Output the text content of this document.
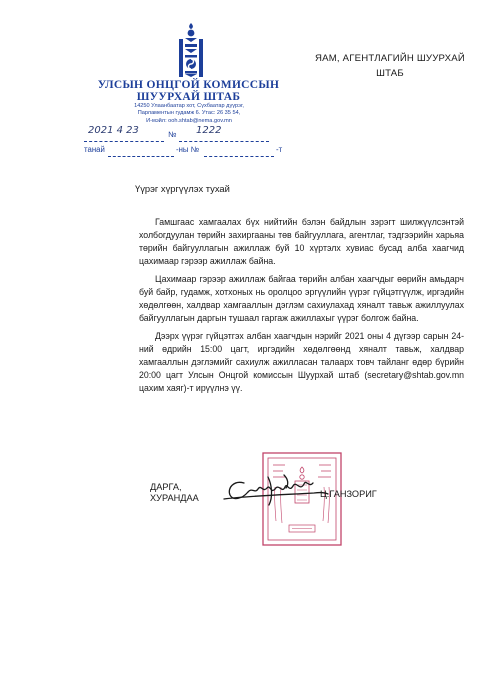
УЛСЫН ОНЦГОЙ КОМИССЫН
ШУУРХАЙ ШТАБ
14250 Улаанбаатар хот, Сүхбаатар дүүрэг,
Парламентын гудамж 6. Утас: 26 35 54,
И-мэйл: ooh.shtab@nema.gov.mn
ЯАМ, АГЕНТЛАГИЙН ШУУРХАЙ
ШТАБ
2021 4 23	№ 1222
танай	-ны №	-т
Үүрэг хүргүүлэх тухай

Гамшгаас хамгаалах бүх нийтийн бэлэн байдлын зэрэгт шилжүүлсэнтэй холбогдуулан төрийн захиргааны төв байгууллага, агентлаг, тэдгээрийн харьяа төрийн байгууллагын ажиллаж буй 10 хүртэлх хувиас бусад алба хаагчид цахимаар гэрээр ажиллаж байна.

Цахимаар гэрээр ажиллаж байгаа төрийн албан хаагчдыг өөрийн амьдарч буй байр, гудамж, хотхоных нь оролцоо эргүүлийн үүрэг гүйцэтгүүлж, иргэдийн хөдөлгөөн, халдвар хамгааллын дэглэм сахиулахад хяналт тавьж ажиллуулах байгууллагын даргын тушаал гаргаж ажиллахыг үүрэг болгож байна.

Дээрх үүрэг гүйцэтгэх албан хаагчдын нэрийг 2021 оны 4 дүгээр сарын 24-ний өдрийн 15:00 цагт, иргэдийн хөдөлгөөнд хяналт тавьж, халдвар хамгааллын дэглэмийг сахиулж ажилласан талаарх товч тайланг өдөр бүрийн 20:00 цагт Улсын Онцгой комиссын Шуурхай штаб (secretary@shtab.gov.mn цахим хаяг)-т ирүүлнэ үү.

ДАРГА,
ХУРАНДАА	Ц.ГАНЗОРИГ
